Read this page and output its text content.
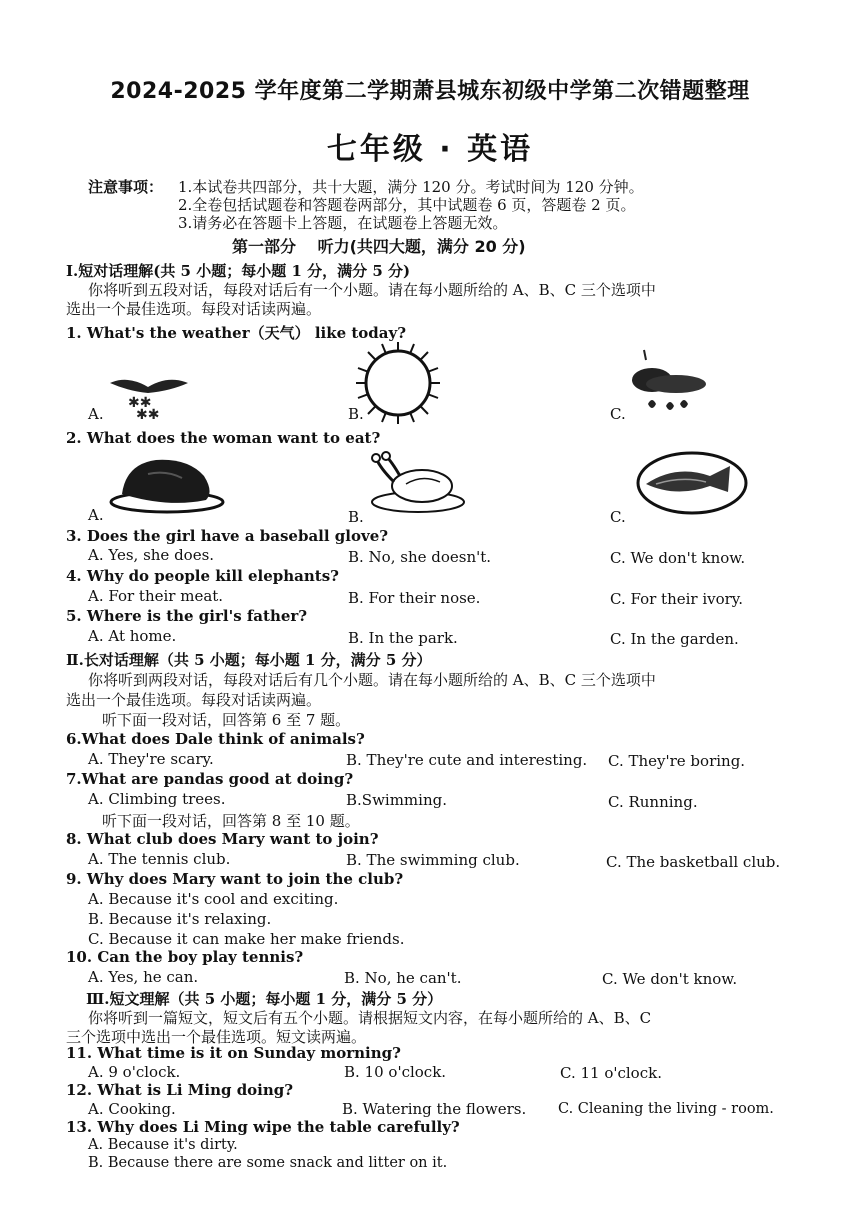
2024-2025 学年度第二学期萧县城东初级中学第二次错题整理
七年级 · 英语
注意事项： 1.本试卷共四部分，共十大题，满分 120 分。考试时间为 120 分钟。
2.全卷包括试题卷和答题卷两部分，其中试题卷 6 页，答题卷 2 页。
3.请务必在答题卡上答题，在试题卷上答题无效。
第一部分　 听力(共四大题，满分 20 分)
Ⅰ.短对话理解(共 5 小题；每小题 1 分，满分 5 分)
你将听到五段对话，每段对话后有一个小题。请在每小题所给的 A、B、C 三个选项中
选出一个最佳选项。每段对话读两遍。
1. What's the weather（天气） like today?
✱✱
✱✱
A.	B.	C.
2. What does the woman want to eat?
A.	B.	C.
3. Does the girl have a baseball glove?
A. Yes, she does.	B. No, she doesn't.	C. We don't know.
4. Why do people kill elephants?
A. For their meat.	B. For their nose.	C. For their ivory.
5. Where is the girl's father?
A. At home.	B. In the park.	C. In the garden.
Ⅱ.长对话理解（共 5 小题；每小题 1 分，满分 5 分）
你将听到两段对话，每段对话后有几个小题。请在每小题所给的 A、B、C 三个选项中
选出一个最佳选项。每段对话读两遍。
听下面一段对话，回答第 6 至 7 题。
6.What does Dale think of animals?
A. They're scary.	B. They're cute and interesting. C. They're boring.
7.What are pandas good at doing?
A. Climbing trees.	B.Swimming.	C. Running.
听下面一段对话，回答第 8 至 10 题。
8. What club does Mary want to join?
A. The tennis club.	B. The swimming club.	C. The basketball club.
9. Why does Mary want to join the club?
A. Because it's cool and exciting.
B. Because it's relaxing.
C. Because it can make her make friends.
10. Can the boy play tennis?
A. Yes, he can.	B. No, he can't.	C. We don't know.
Ⅲ.短文理解（共 5 小题；每小题 1 分，满分 5 分）
你将听到一篇短文，短文后有五个小题。请根据短文内容，在每小题所给的 A、B、C
三个选项中选出一个最佳选项。短文读两遍。
11. What time is it on Sunday morning?
A. 9 o'clock.	B. 10 o'clock.	C. 11 o'clock.
12. What is Li Ming doing?
A. Cooking.	B. Watering the flowers. C. Cleaning the living - room.
13. Why does Li Ming wipe the table carefully?
A. Because it's dirty.
B. Because there are some snack and litter on it.
